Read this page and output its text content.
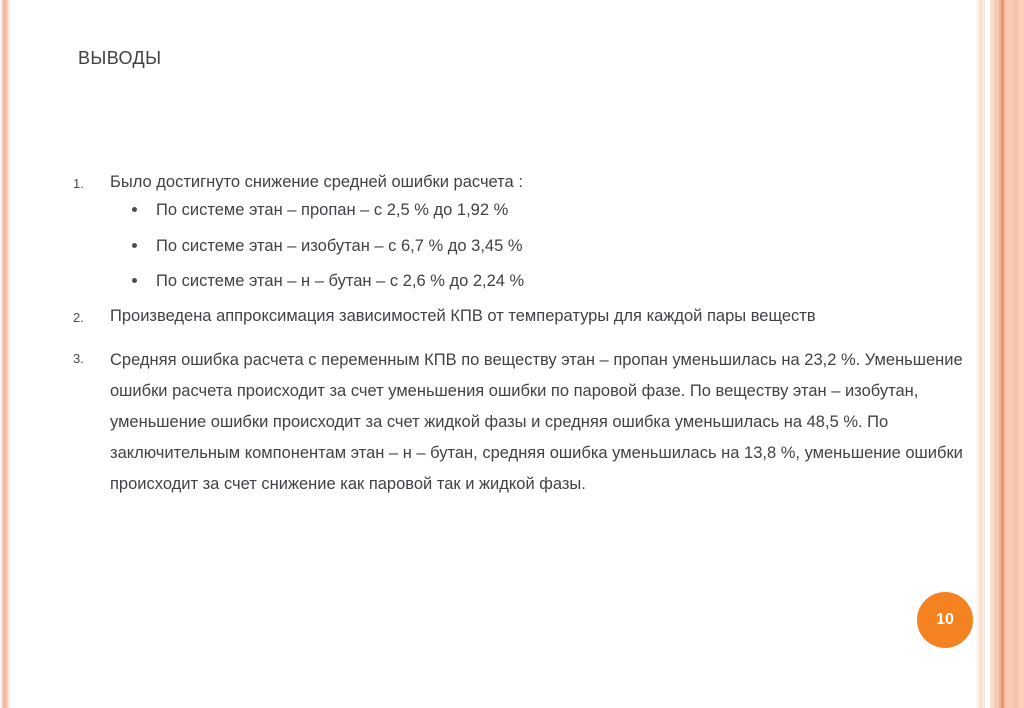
выводы
1. Было достигнуто снижение средней ошибки расчета :
По системе этан – пропан – с 2,5 % до 1,92 %
По системе этан – изобутан – с 6,7 % до 3,45 %
По системе этан – н – бутан – с 2,6 % до 2,24 %
2. Произведена аппроксимация зависимостей КПВ от температуры для каждой пары веществ
3. Средняя ошибка расчета с переменным КПВ по веществу этан – пропан уменьшилась на 23,2 %. Уменьшение ошибки расчета происходит за счет уменьшения ошибки по паровой фазе. По веществу этан – изобутан, уменьшение ошибки происходит за счет жидкой фазы и средняя ошибка уменьшилась на 48,5 %. По заключительным компонентам этан – н – бутан, средняя ошибка уменьшилась на 13,8 %, уменьшение ошибки происходит за счет снижение как паровой так и жидкой фазы.
10
